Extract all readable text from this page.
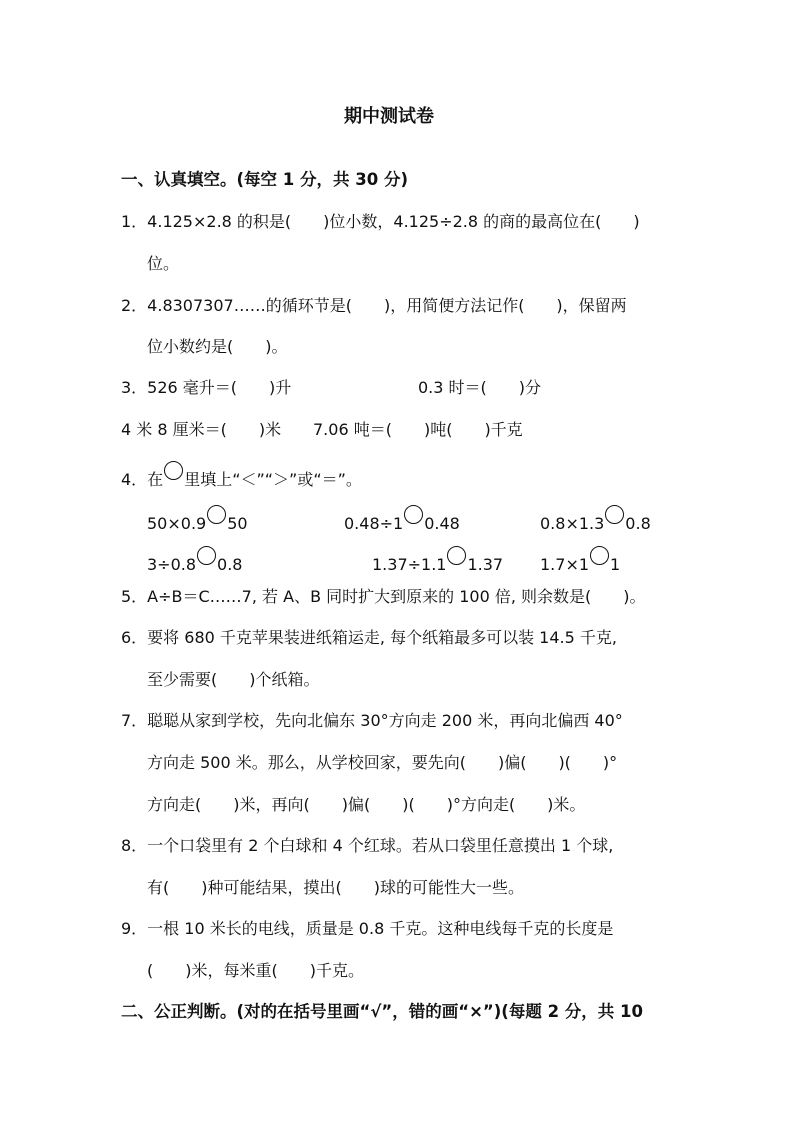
期中测试卷
一、认真填空。(每空 1 分，共 30 分)
1．4.125×2.8 的积是(　　)位小数，4.125÷2.8 的商的最高位在(　　)
位。
2．4.8307307……的循环节是(　　)，用简便方法记作(　　)，保留两
位小数约是(　　)。
3．526 毫升＝(　　)升	0.3 时＝(　　)分
4 米 8 厘米＝(　　)米 7.06 吨＝(　　)吨(　　)千克
4．在 里填上“＜”“＞”或“＝”。
50×0.9 50	0.48÷1 0.48	0.8×1.3 0.8
3÷0.8 0.8	1.37÷1.1 1.37 1.7×1 1
5．A÷B＝C……7, 若 A、B 同时扩大到原来的 100 倍, 则余数是(　　)。
6．要将 680 千克苹果装进纸箱运走, 每个纸箱最多可以装 14.5 千克,
至少需要(　　)个纸箱。
7．聪聪从家到学校，先向北偏东 30°方向走 200 米，再向北偏西 40°
方向走 500 米。那么，从学校回家，要先向(　　)偏(　　)(　　)°
方向走(　　)米，再向(　　)偏(　　)(　　)°方向走(　　)米。
8．一个口袋里有 2 个白球和 4 个红球。若从口袋里任意摸出 1 个球,
有(　　)种可能结果，摸出(　　)球的可能性大一些。
9．一根 10 米长的电线，质量是 0.8 千克。这种电线每千克的长度是
(　　)米，每米重(　　)千克。
二、公正判断。(对的在括号里画“√”，错的画“×”)(每题 2 分，共 10
